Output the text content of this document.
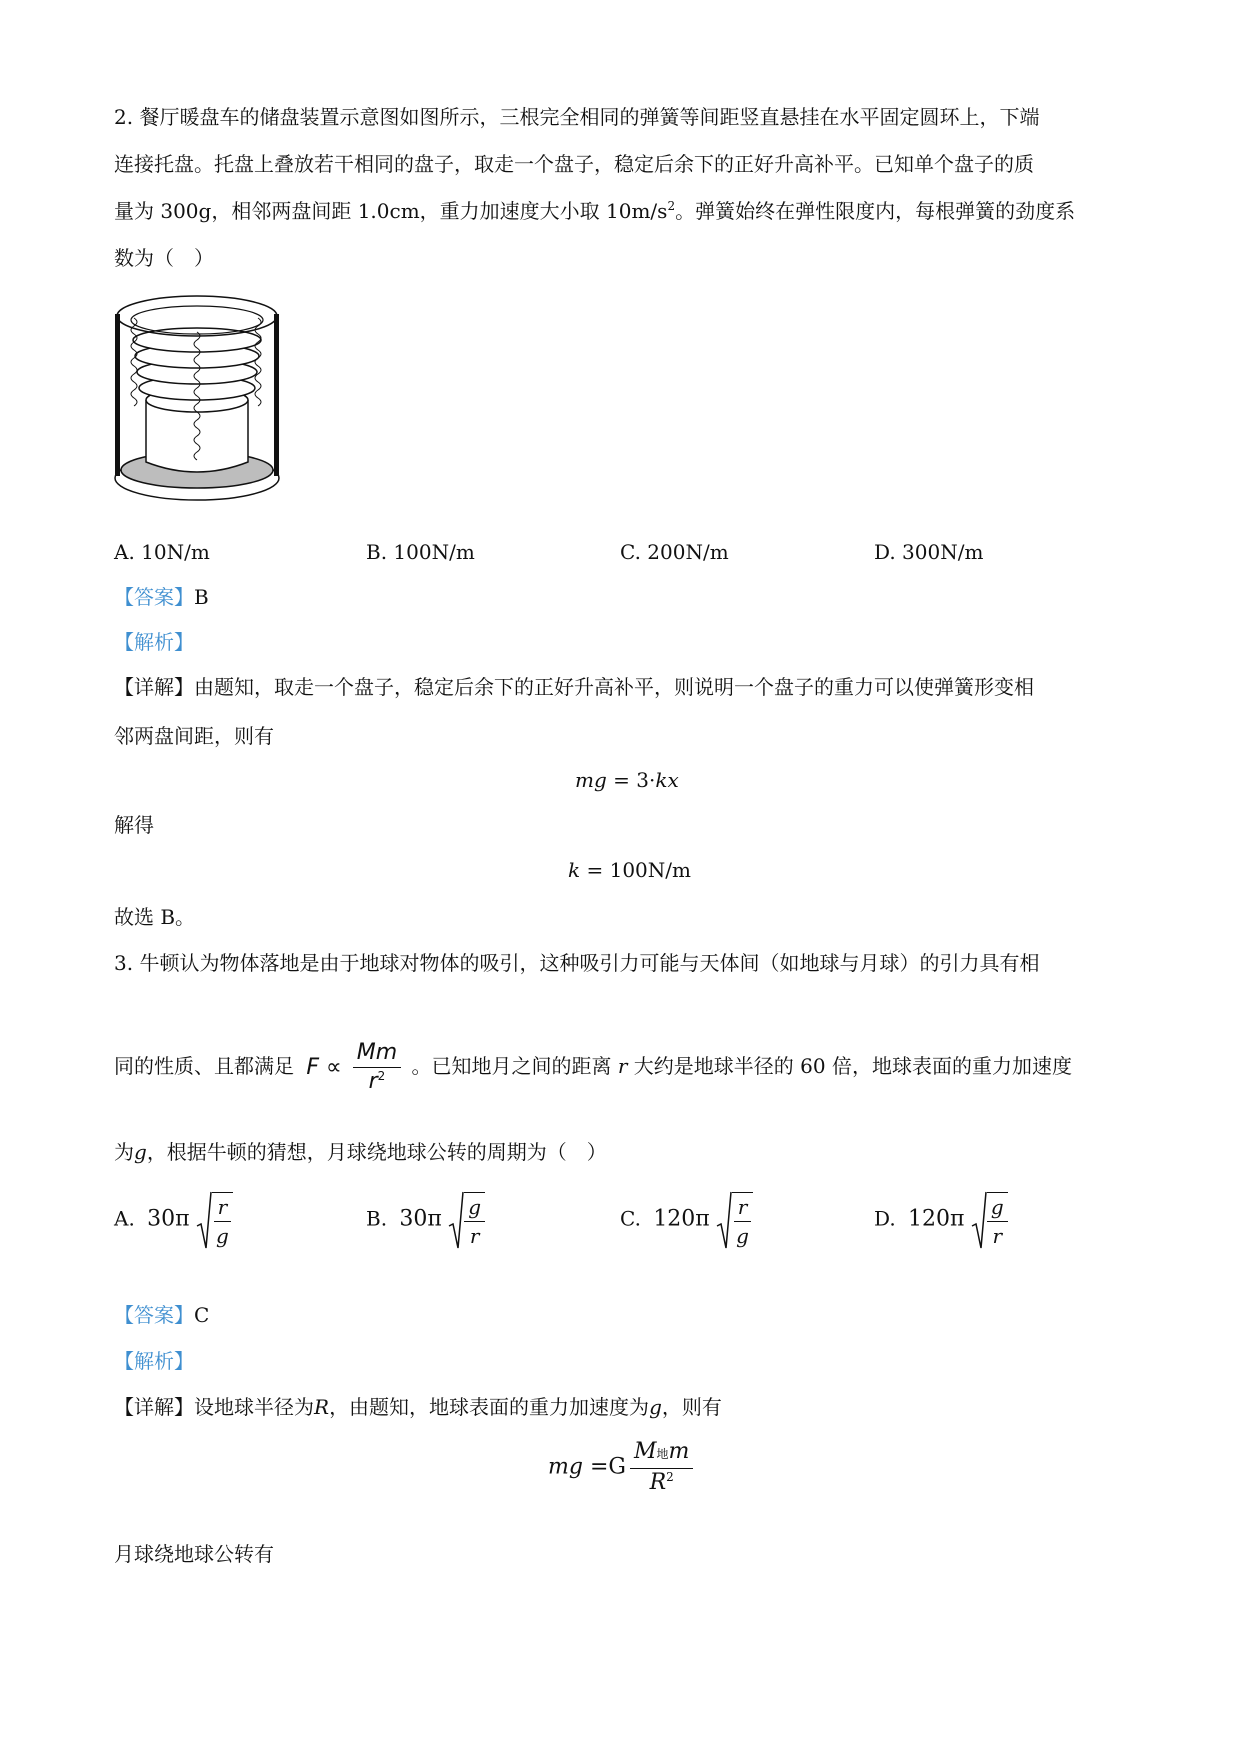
2. 餐厅暖盘车的储盘装置示意图如图所示，三根完全相同的弹簧等间距竖直悬挂在水平固定圆环上，下端
连接托盘。托盘上叠放若干相同的盘子，取走一个盘子，稳定后余下的正好升高补平。已知单个盘子的质
量为 300g，相邻两盘间距 1.0cm，重力加速度大小取 $10m/s^2$。弹簧始终在弹性限度内，每根弹簧的劲度系
数为（　）
A. 10N/m	B. 100N/m	C. 200N/m	D. 300N/m
【答案】B
【解析】
【详解】由题知，取走一个盘子，稳定后余下的正好升高补平，则说明一个盘子的重力可以使弹簧形变相
邻两盘间距，则有
mg = 3·kx
解得
k = 100N/m
故选 B。
3. 牛顿认为物体落地是由于地球对物体的吸引，这种吸引力可能与天体间（如地球与月球）的引力具有相
同的性质、且都满足 $F \propto \frac{Mm}{r^2}$ 。已知地月之间的距离 r 大约是地球半径的 60 倍，地球表面的重力加速度
为g，根据牛顿的猜想，月球绕地球公转的周期为（　）
A. $30\pi \frac{r}{g}$	B. $30\pi \frac{g}{r}$	C. $120\pi \frac{r}{g}$	D. $120\pi \frac{g}{r}$
【答案】C
【解析】
【详解】设地球半径为R，由题知，地球表面的重力加速度为g，则有
mg $=G \frac{\text{M地m}}{R^2}$
月球绕地球公转有
